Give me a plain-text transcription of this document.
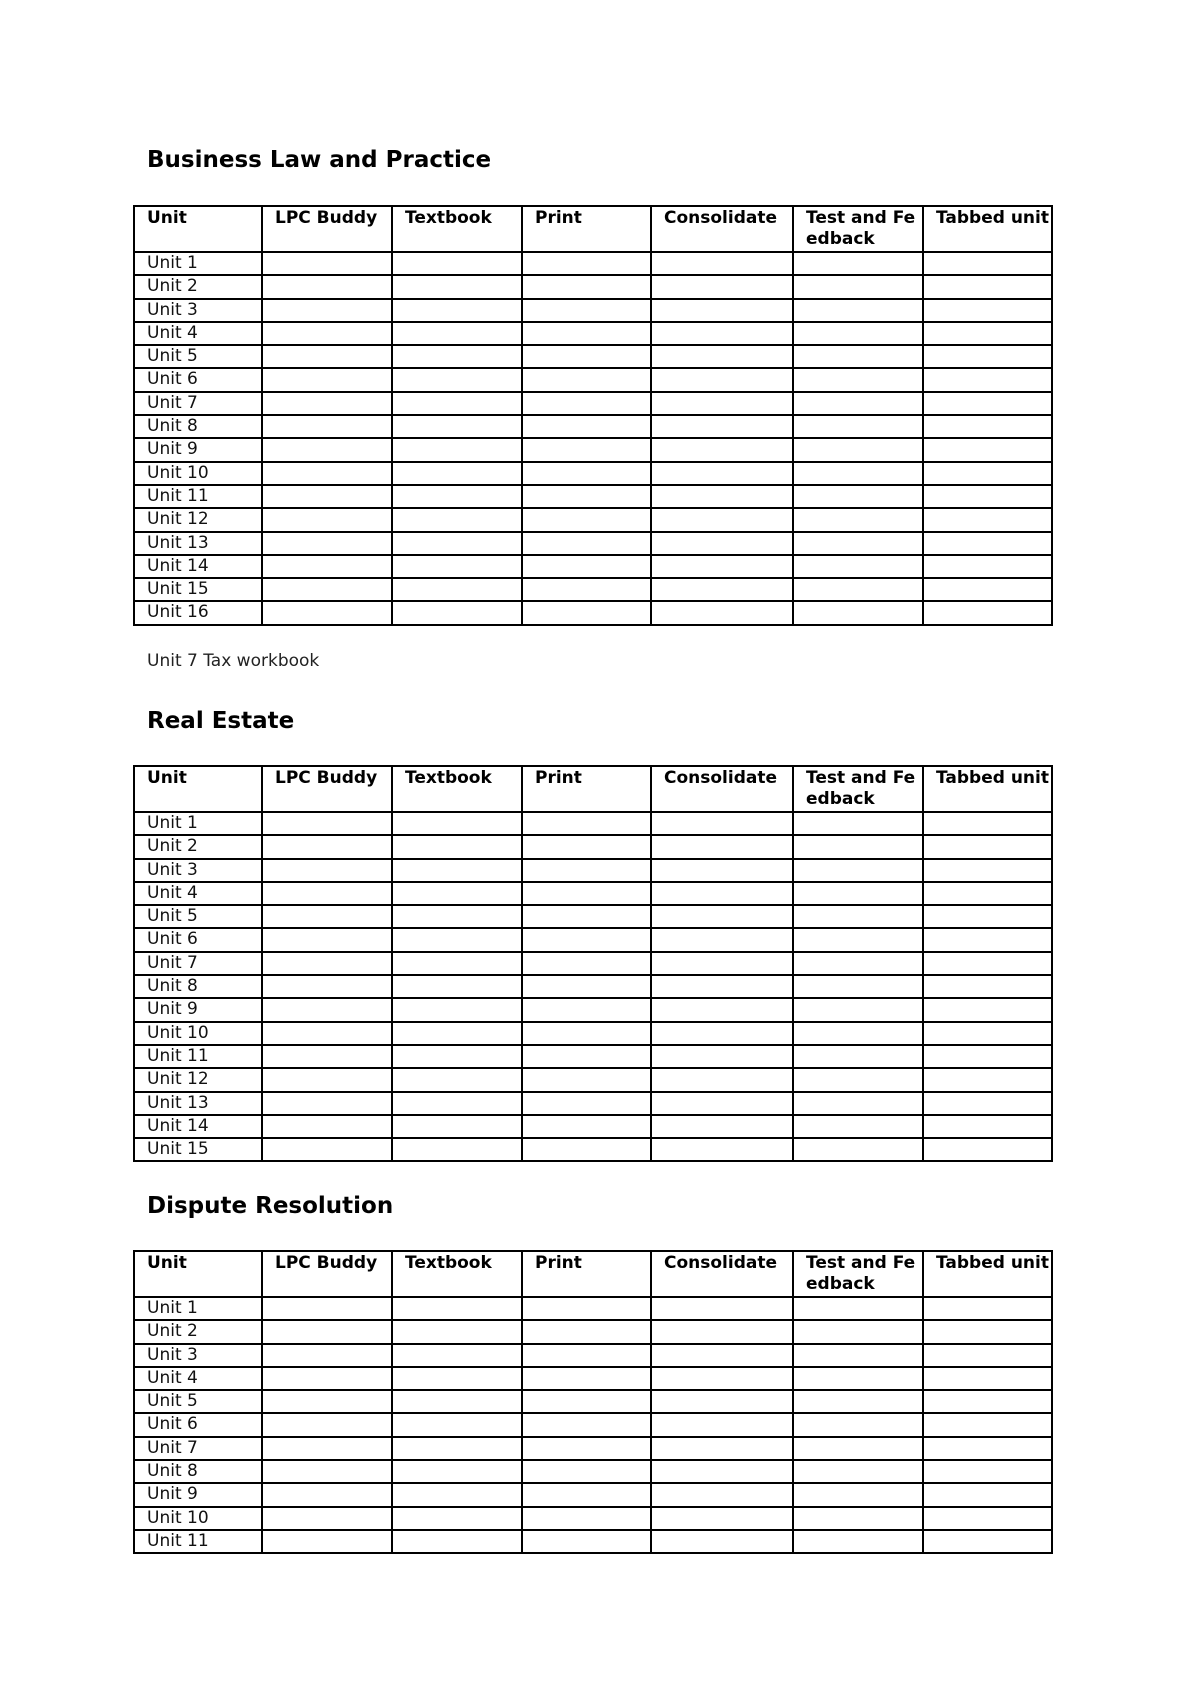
Business Law and Practice
Unit	LPC Buddy	Textbook	Print	Consolidate	Test and Feedback	Tabbed unit
Unit 1						
Unit 2						
Unit 3						
Unit 4						
Unit 5						
Unit 6						
Unit 7						
Unit 8						
Unit 9						
Unit 10						
Unit 11						
Unit 12						
Unit 13						
Unit 14						
Unit 15						
Unit 16						

Unit 7 Tax workbook

Real Estate
Unit	LPC Buddy	Textbook	Print	Consolidate	Test and Feedback	Tabbed unit
Unit 1						
Unit 2						
Unit 3						
Unit 4						
Unit 5						
Unit 6						
Unit 7						
Unit 8						
Unit 9						
Unit 10						
Unit 11						
Unit 12						
Unit 13						
Unit 14						
Unit 15						
Dispute Resolution
Unit	LPC Buddy	Textbook	Print	Consolidate	Test and Feedback	Tabbed unit
Unit 1						
Unit 2						
Unit 3						
Unit 4						
Unit 5						
Unit 6						
Unit 7						
Unit 8						
Unit 9						
Unit 10						
Unit 11						
